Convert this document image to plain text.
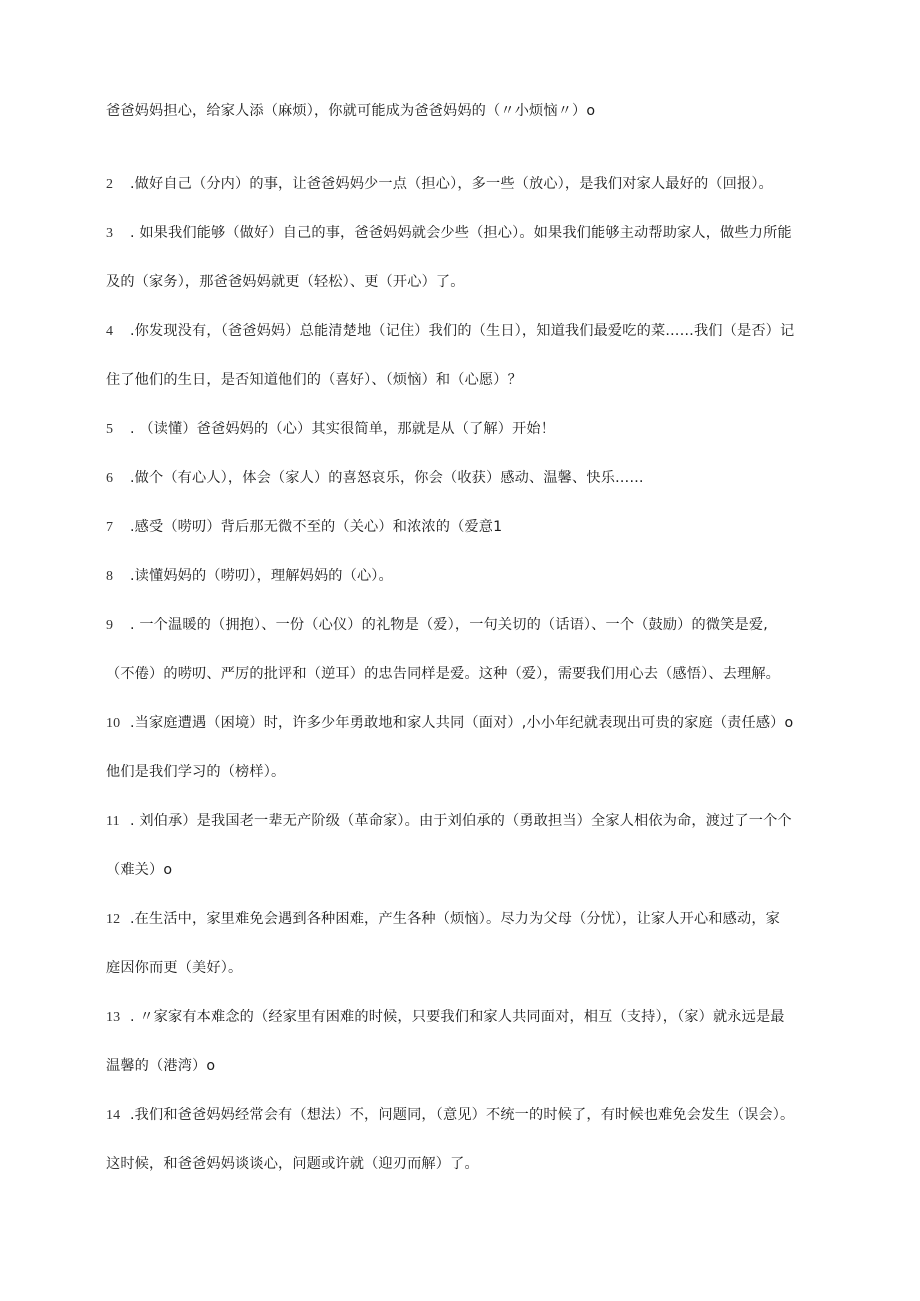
爸爸妈妈担心，给家人添（麻烦），你就可能成为爸爸妈妈的（〃小烦恼〃）o
2 .做好自己（分内）的事，让爸爸妈妈少一点（担心），多一些（放心），是我们对家人最好的（回报）。
3 . 如果我们能够（做好）自己的事，爸爸妈妈就会少些（担心）。如果我们能够主动帮助家人，做些力所能
及的（家务），那爸爸妈妈就更（轻松）、更（开心）了。
4 .你发现没有，（爸爸妈妈）总能清楚地（记住）我们的（生日），知道我们最爱吃的菜……我们（是否）记
住了他们的生日，是否知道他们的（喜好）、（烦恼）和（心愿）？
5 . （读懂）爸爸妈妈的（心）其实很简单，那就是从（了解）开始！
6 .做个（有心人），体会（家人）的喜怒哀乐，你会（收获）感动、温馨、快乐……
7 .感受（唠叨）背后那无微不至的（关心）和浓浓的（爱意1
8 .读懂妈妈的（唠叨），理解妈妈的（心）。
9 . 一个温暖的（拥抱）、一份（心仪）的礼物是（爱），一句关切的（话语）、一个（鼓励）的微笑是爱,
（不倦）的唠叨、严厉的批评和（逆耳）的忠告同样是爱。这种（爱），需要我们用心去（感悟）、去理解。
10 .当家庭遭遇（困境）时，许多少年勇敢地和家人共同（面对）,小小年纪就表现出可贵的家庭（责任感）o
他们是我们学习的（榜样）。
11 . 刘伯承）是我国老一辈无产阶级（革命家）。由于刘伯承的（勇敢担当）全家人相依为命，渡过了一个个
（难关）o
12 .在生活中，家里难免会遇到各种困难，产生各种（烦恼）。尽力为父母（分忧），让家人开心和感动，家
庭因你而更（美好）。
13 . 〃家家有本难念的（经家里有困难的时候，只要我们和家人共同面对，相互（支持），（家）就永远是最
温馨的（港湾）o
14 .我们和爸爸妈妈经常会有（想法）不，问题同，（意见）不统一的时候了，有时候也难免会发生（误会）。
这时候，和爸爸妈妈谈谈心，问题或许就（迎刃而解）了。
